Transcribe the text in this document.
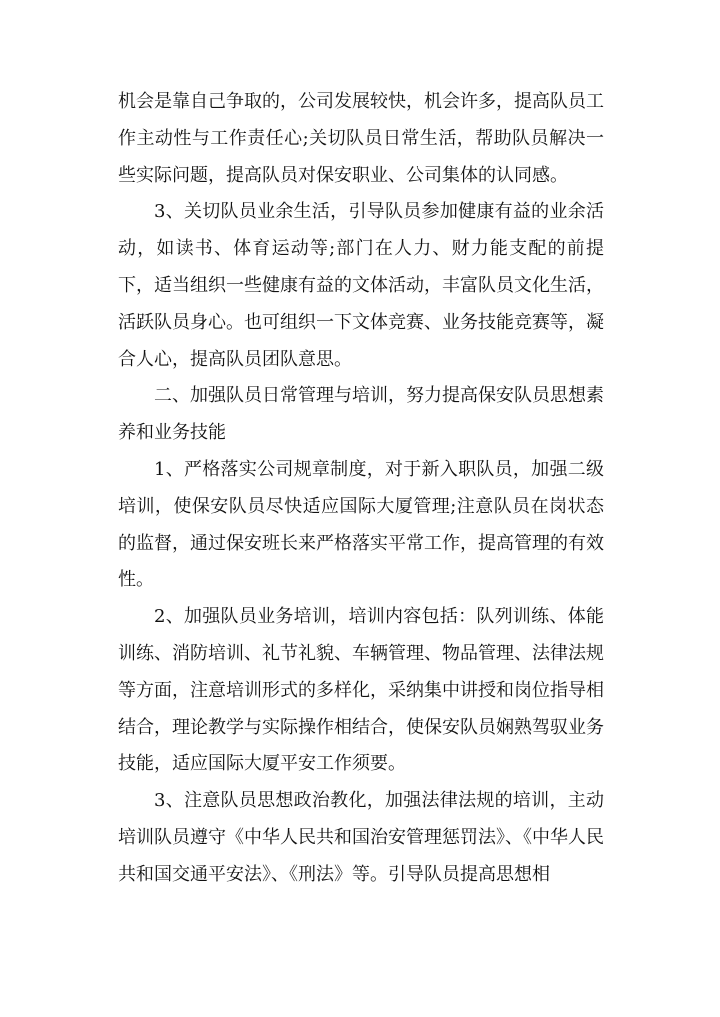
机会是靠自己争取的，公司发展较快，机会许多，提高队员工作主动性与工作责任心;关切队员日常生活，帮助队员解决一些实际问题，提高队员对保安职业、公司集体的认同感。

3、关切队员业余生活，引导队员参加健康有益的业余活动，如读书、体育运动等;部门在人力、财力能支配的前提下，适当组织一些健康有益的文体活动，丰富队员文化生活，活跃队员身心。也可组织一下文体竞赛、业务技能竞赛等，凝合人心，提高队员团队意思。

二、加强队员日常管理与培训，努力提高保安队员思想素养和业务技能

1、严格落实公司规章制度，对于新入职队员，加强二级培训，使保安队员尽快适应国际大厦管理;注意队员在岗状态的监督，通过保安班长来严格落实平常工作，提高管理的有效性。

2、加强队员业务培训，培训内容包括：队列训练、体能训练、消防培训、礼节礼貌、车辆管理、物品管理、法律法规等方面，注意培训形式的多样化，采纳集中讲授和岗位指导相结合，理论教学与实际操作相结合，使保安队员娴熟驾驭业务技能，适应国际大厦平安工作须要。

3、注意队员思想政治教化，加强法律法规的培训，主动培训队员遵守《中华人民共和国治安管理惩罚法》、《中华人民共和国交通平安法》、《刑法》等。引导队员提高思想相
